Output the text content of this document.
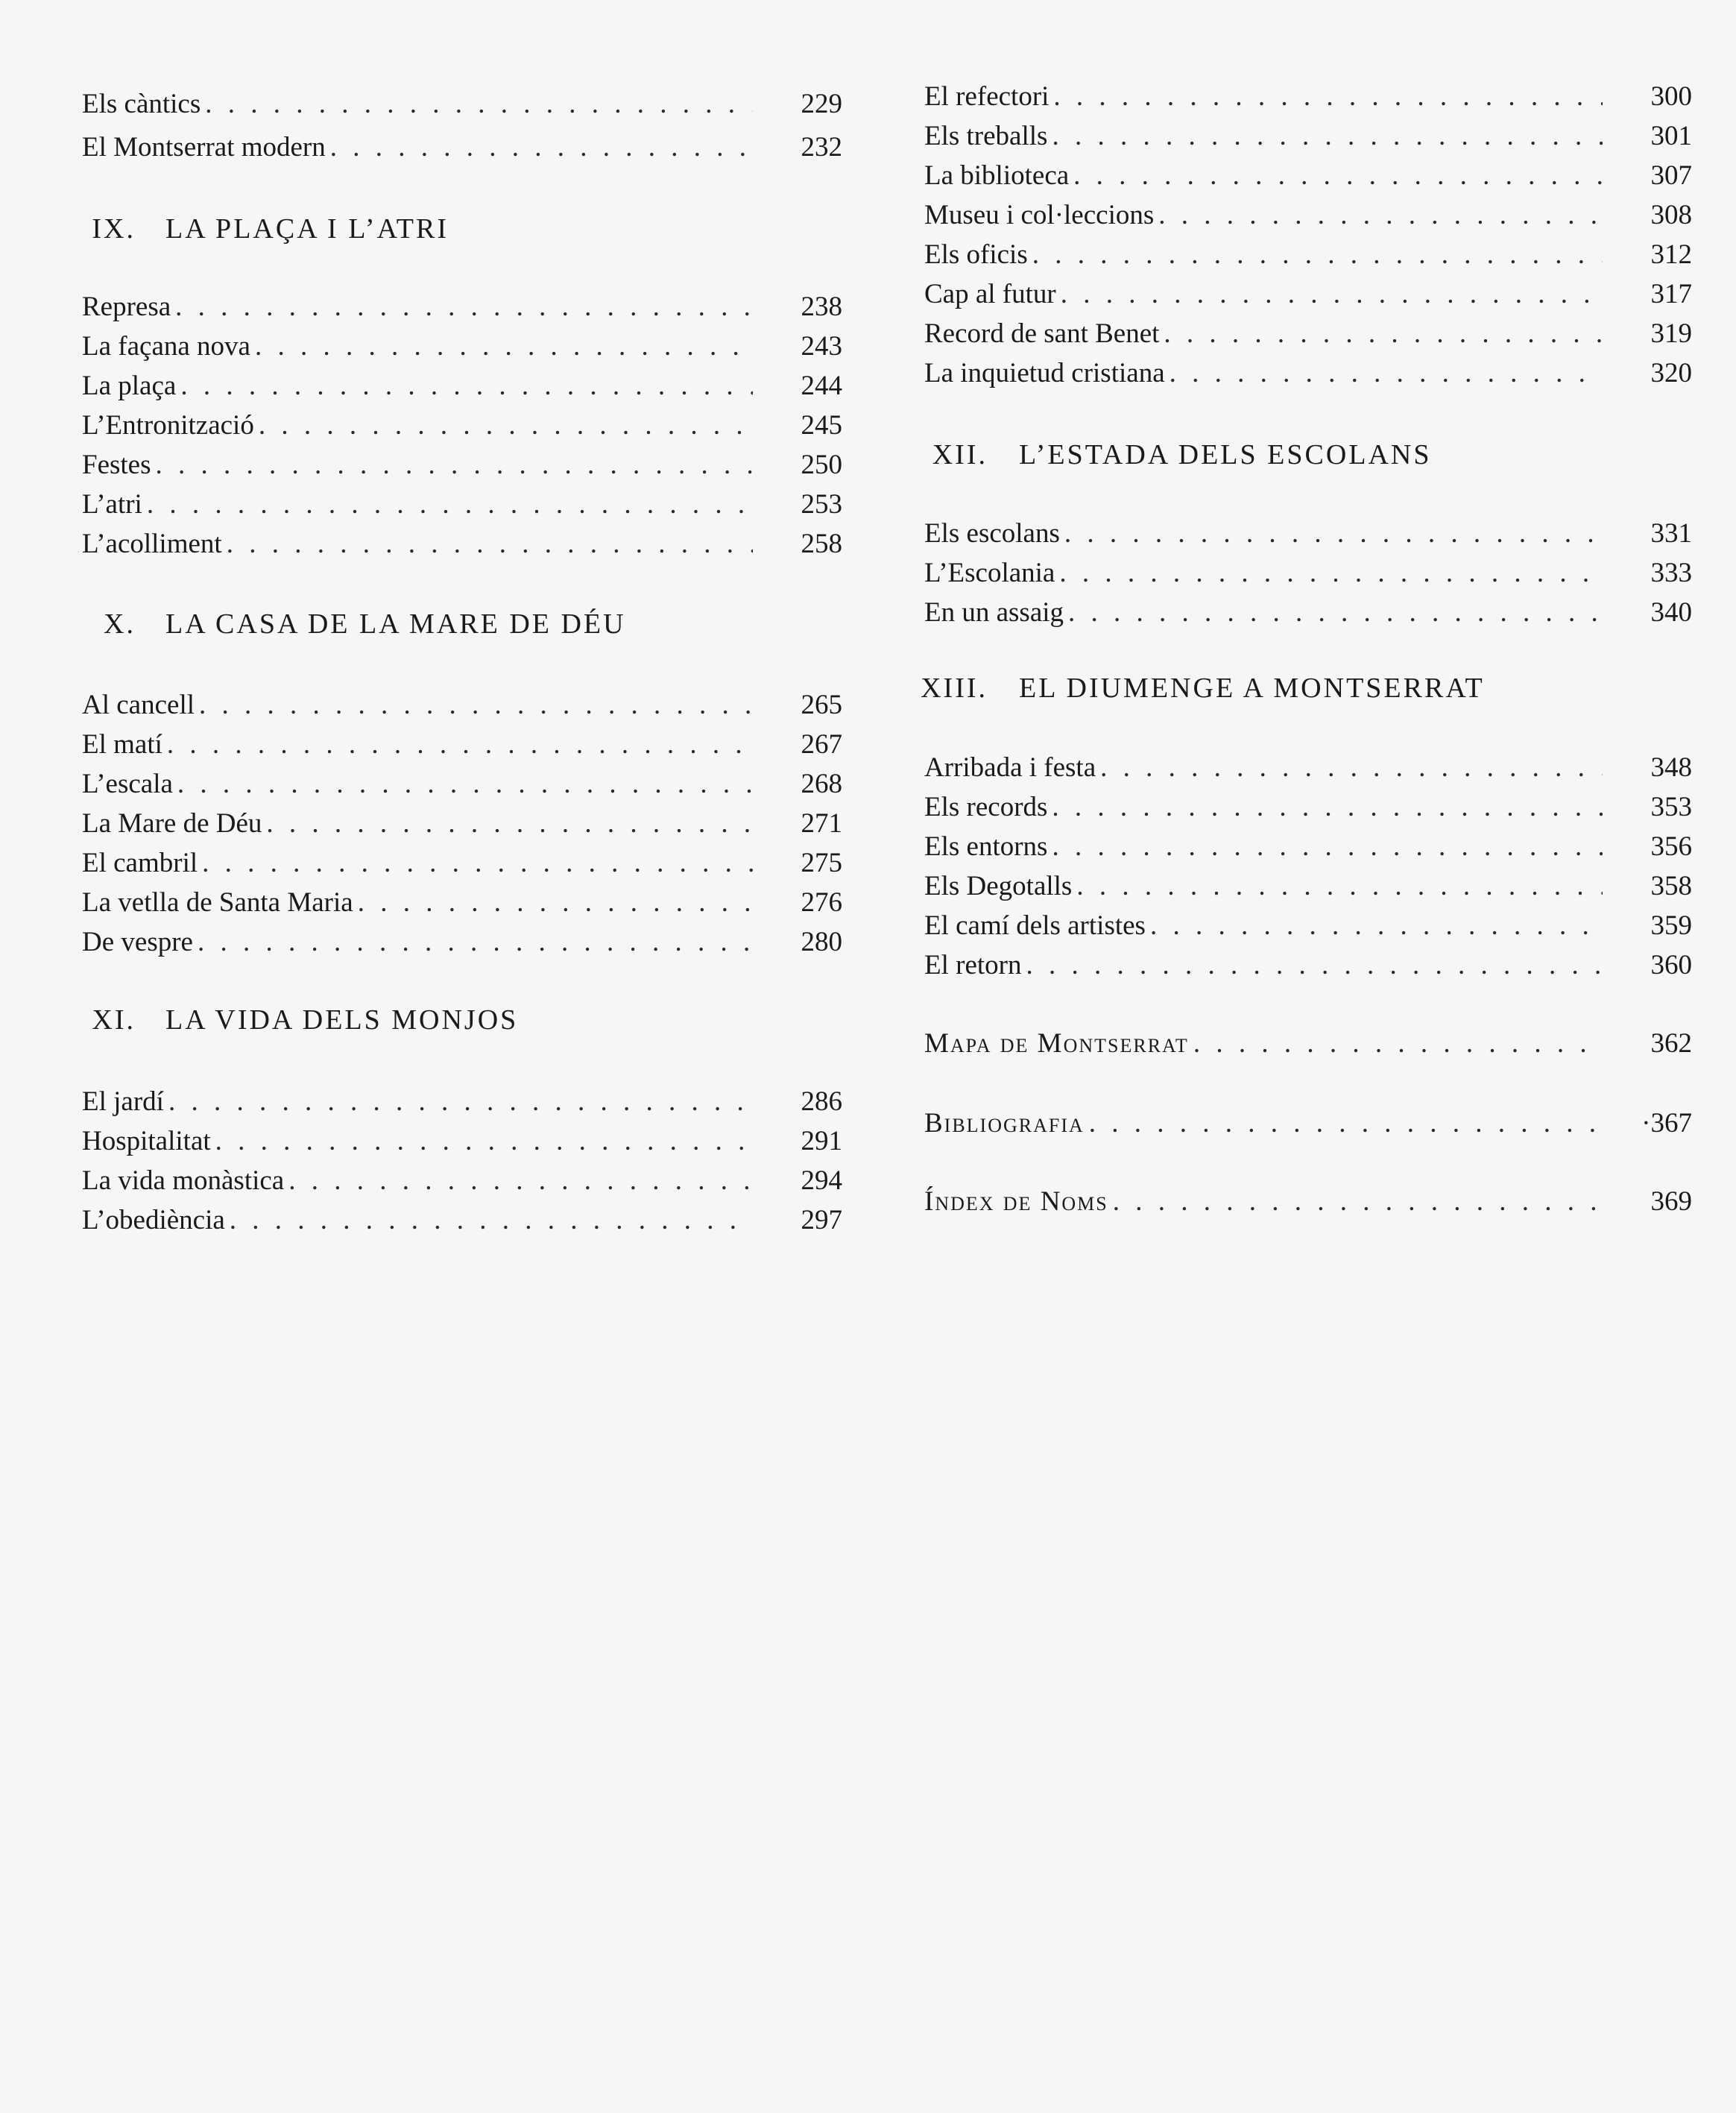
Els càntics . . .	229
El Montserrat modern . . .	232
IX. LA PLAÇA I L’ATRI
Represa . . .	238
La façana nova . . .	243
La plaça . . .	244
L’Entronització . . .	245
Festes . . .	250
L’atri . . .	253
L’acolliment . . .	258
X. LA CASA DE LA MARE DE DÉU
Al cancell . . .	265
El matí . . .	267
L’escala . . .	268
La Mare de Déu . . .	271
El cambril . . .	275
La vetlla de Santa Maria . . .	276
De vespre . . .	280
XI. LA VIDA DELS MONJOS
El jardí . . .	286
Hospitalitat . . .	291
La vida monàstica . . .	294
L’obediència . . .	297
El refectori . . .	300
Els treballs . . .	301
La biblioteca . . .	307
Museu i col·leccions . . .	308
Els oficis . . .	312
Cap al futur . . .	317
Record de sant Benet . . .	319
La inquietud cristiana . . .	320
XII. L’ESTADA DELS ESCOLANS
Els escolans . . .	331
L’Escolania . . .	333
En un assaig . . .	340
XIII. EL DIUMENGE A MONTSERRAT
Arribada i festa . . .	348
Els records . . .	353
Els entorns . . .	356
Els Degotalls . . .	358
El camí dels artistes . . .	359
El retorn . . .	360
Mapa de Montserrat . . .	362
Bibliografia . . .	·367
Índex de Noms . . .	369
